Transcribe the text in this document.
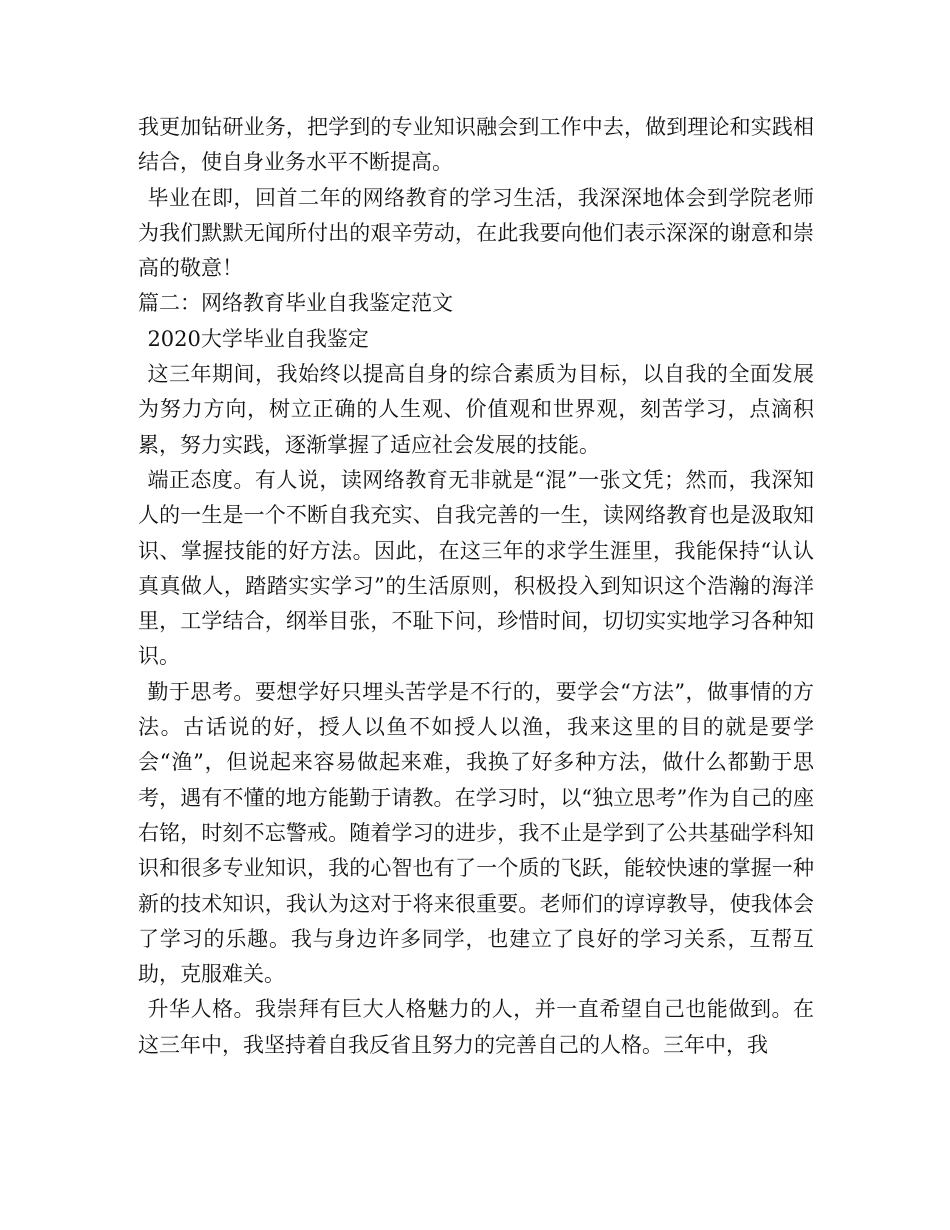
我更加钻研业务，把学到的专业知识融会到工作中去，做到理论和实践相结合，使自身业务水平不断提高。

毕业在即，回首二年的网络教育的学习生活，我深深地体会到学院老师为我们默默无闻所付出的艰辛劳动，在此我要向他们表示深深的谢意和崇高的敬意！

篇二：网络教育毕业自我鉴定范文

2020大学毕业自我鉴定

这三年期间，我始终以提高自身的综合素质为目标，以自我的全面发展为努力方向，树立正确的人生观、价值观和世界观，刻苦学习，点滴积累，努力实践，逐渐掌握了适应社会发展的技能。

端正态度。有人说，读网络教育无非就是“混”一张文凭；然而，我深知人的一生是一个不断自我充实、自我完善的一生，读网络教育也是汲取知识、掌握技能的好方法。因此，在这三年的求学生涯里，我能保持“认认真真做人，踏踏实实学习”的生活原则，积极投入到知识这个浩瀚的海洋里，工学结合，纲举目张，不耻下问，珍惜时间，切切实实地学习各种知识。

勤于思考。要想学好只埋头苦学是不行的，要学会“方法”，做事情的方法。古话说的好，授人以鱼不如授人以渔，我来这里的目的就是要学会“渔”，但说起来容易做起来难，我换了好多种方法，做什么都勤于思考，遇有不懂的地方能勤于请教。在学习时，以“独立思考”作为自己的座右铭，时刻不忘警戒。随着学习的进步，我不止是学到了公共基础学科知识和很多专业知识，我的心智也有了一个质的飞跃，能较快速的掌握一种新的技术知识，我认为这对于将来很重要。老师们的谆谆教导，使我体会了学习的乐趣。我与身边许多同学，也建立了良好的学习关系，互帮互助，克服难关。

升华人格。我崇拜有巨大人格魅力的人，并一直希望自己也能做到。在这三年中，我坚持着自我反省且努力的完善自己的人格。三年中，我
